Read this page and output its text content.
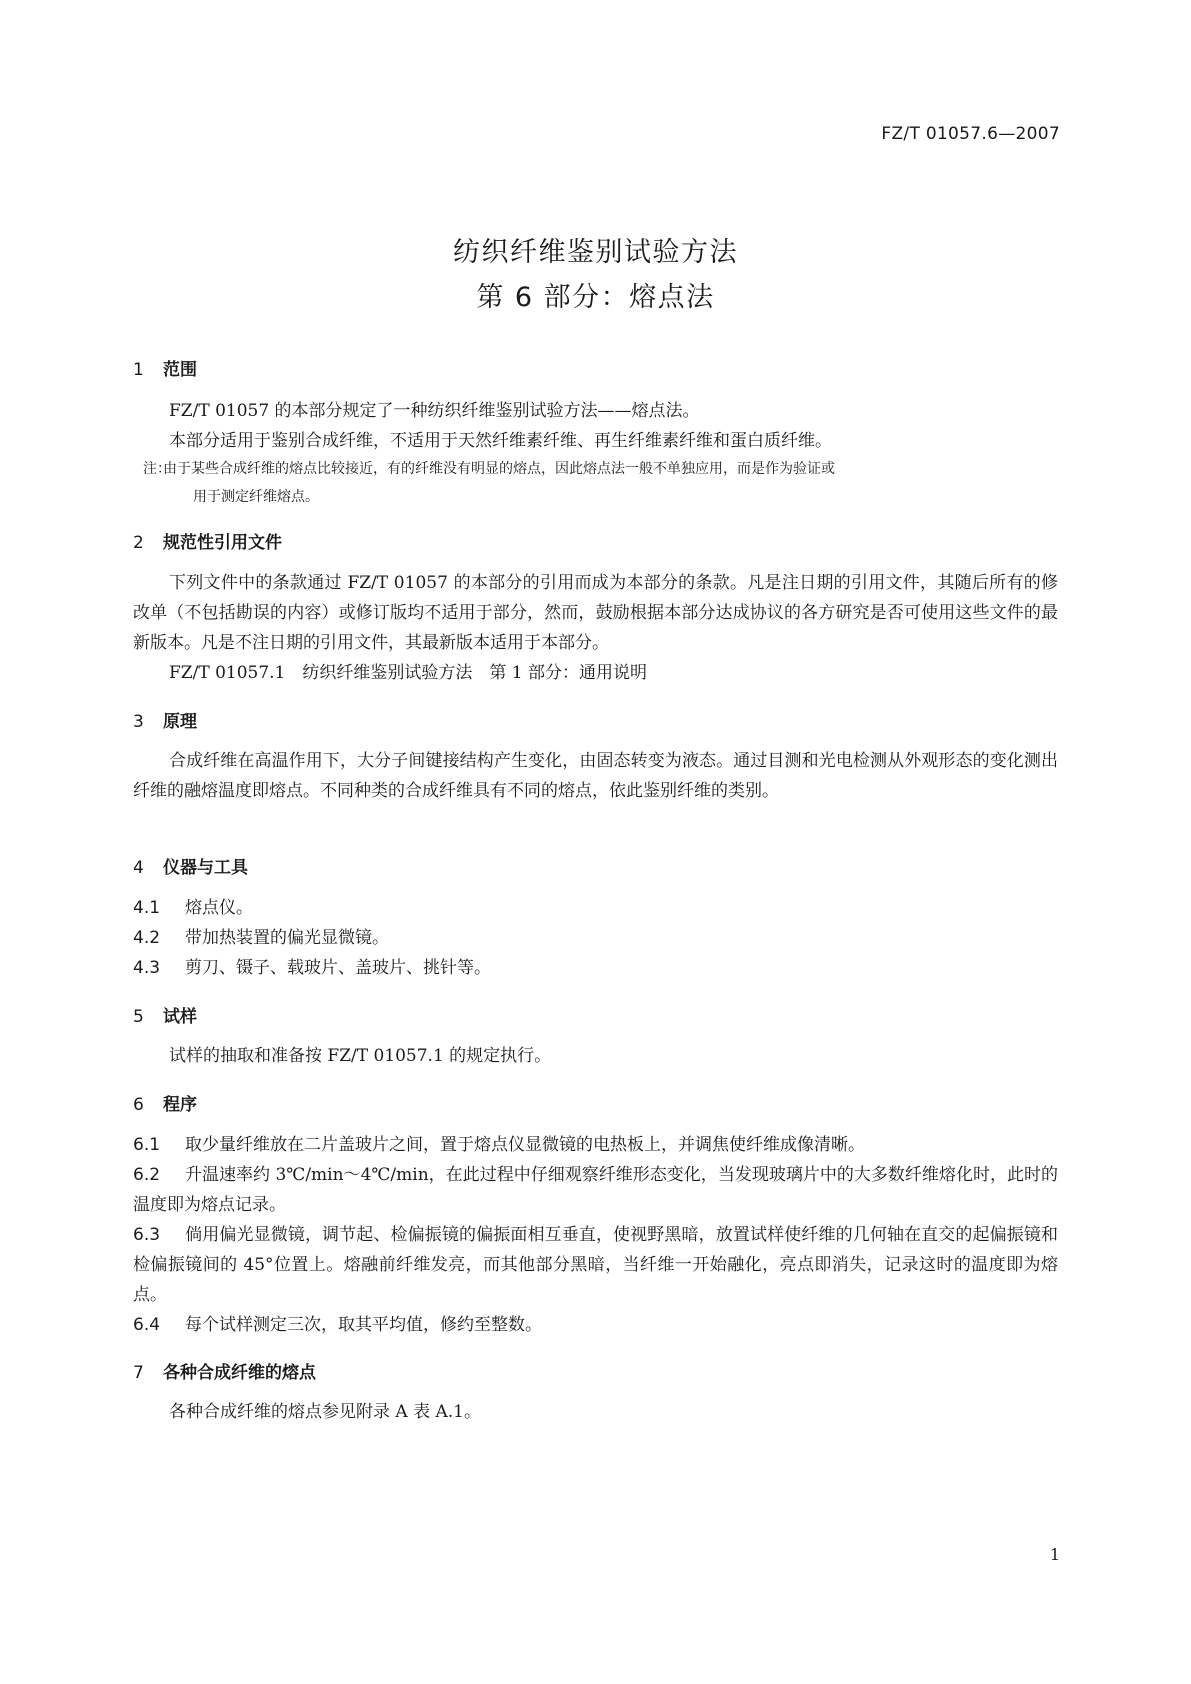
FZ/T 01057.6—2007
纺织纤维鉴别试验方法
第 6 部分：熔点法
1 范围
FZ/T 01057 的本部分规定了一种纺织纤维鉴别试验方法——熔点法。
本部分适用于鉴别合成纤维，不适用于天然纤维素纤维、再生纤维素纤维和蛋白质纤维。
注：由于某些合成纤维的熔点比较接近，有的纤维没有明显的熔点，因此熔点法一般不单独应用，而是作为验证或
用于测定纤维熔点。
2 规范性引用文件
下列文件中的条款通过 FZ/T 01057 的本部分的引用而成为本部分的条款。凡是注日期的引用文件，其随后所有的修改单（不包括勘误的内容）或修订版均不适用于部分，然而，鼓励根据本部分达成协议的各方研究是否可使用这些文件的最新版本。凡是不注日期的引用文件，其最新版本适用于本部分。
FZ/T 01057.1　纺织纤维鉴别试验方法　第 1 部分：通用说明
3 原理
合成纤维在高温作用下，大分子间键接结构产生变化，由固态转变为液态。通过目测和光电检测从外观形态的变化测出纤维的融熔温度即熔点。不同种类的合成纤维具有不同的熔点，依此鉴别纤维的类别。
4 仪器与工具
4.1 熔点仪。
4.2 带加热装置的偏光显微镜。
4.3 剪刀、镊子、载玻片、盖玻片、挑针等。
5 试样
试样的抽取和准备按 FZ/T 01057.1 的规定执行。
6 程序
6.1 取少量纤维放在二片盖玻片之间，置于熔点仪显微镜的电热板上，并调焦使纤维成像清晰。
6.2 升温速率约 3℃/min～4℃/min，在此过程中仔细观察纤维形态变化，当发现玻璃片中的大多数纤维熔化时，此时的温度即为熔点记录。
6.3 倘用偏光显微镜，调节起、检偏振镜的偏振面相互垂直，使视野黑暗，放置试样使纤维的几何轴在直交的起偏振镜和检偏振镜间的 45°位置上。熔融前纤维发亮，而其他部分黑暗，当纤维一开始融化，亮点即消失，记录这时的温度即为熔点。
6.4 每个试样测定三次，取其平均值，修约至整数。
7 各种合成纤维的熔点
各种合成纤维的熔点参见附录 A 表 A.1。
1
